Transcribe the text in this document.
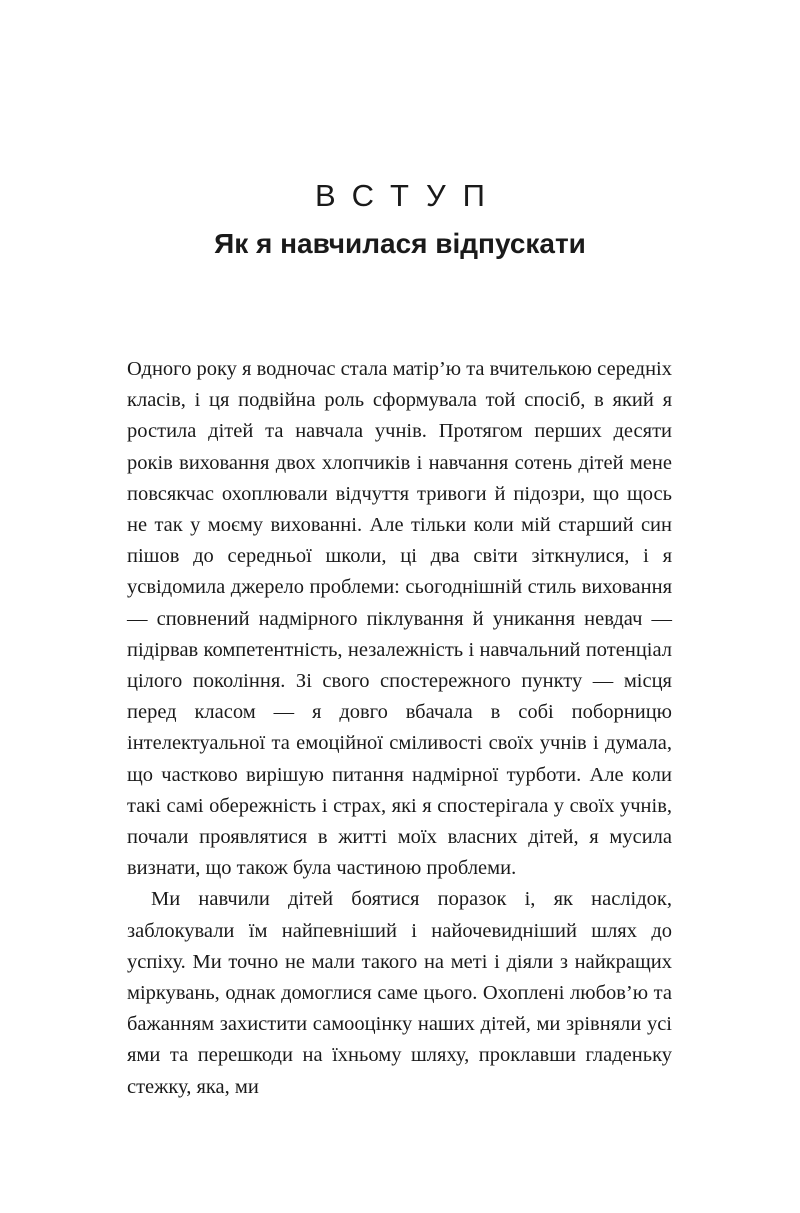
ВСТУП
Як я навчилася відпускати

Одного року я водночас стала матір’ю та вчителькою середніх класів, і ця подвійна роль сформувала той спосіб, в який я ростила дітей та навчала учнів. Протягом перших десяти років виховання двох хлопчиків і навчання сотень дітей мене повсякчас охоплювали відчуття тривоги й підозри, що щось не так у моєму вихованні. Але тільки коли мій старший син пішов до середньої школи, ці два світи зіткнулися, і я усвідомила джерело проблеми: сьогоднішній стиль виховання — сповнений надмірного піклування й уникання невдач — підірвав компетентність, незалежність і навчальний потенціал цілого покоління. Зі свого спостережного пункту — місця перед класом — я довго вбачала в собі поборницю інтелектуальної та емоційної сміливості своїх учнів і думала, що частково вирішую питання надмірної турботи. Але коли такі самі обережність і страх, які я спостерігала у своїх учнів, почали проявлятися в житті моїх власних дітей, я мусила визнати, що також була частиною проблеми.

Ми навчили дітей боятися поразок і, як наслідок, заблокували їм найпевніший і найочевидніший шлях до успіху. Ми точно не мали такого на меті і діяли з найкращих міркувань, однак домоглися саме цього. Охоплені любов’ю та бажанням захистити самооцінку наших дітей, ми зрівняли усі ями та перешкоди на їхньому шляху, проклавши гладеньку стежку, яка, ми
